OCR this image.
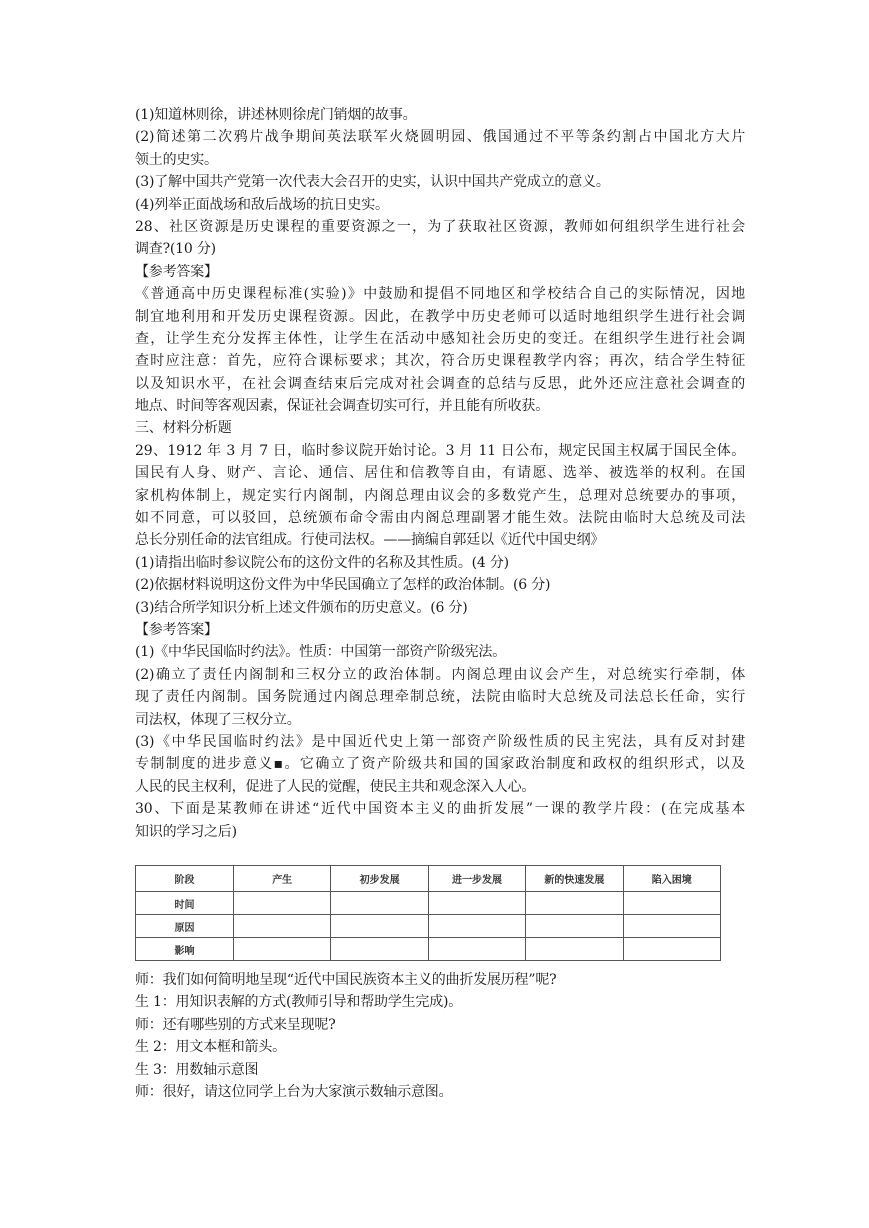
(1)知道林则徐，讲述林则徐虎门销烟的故事。
(2)简述第二次鸦片战争期间英法联军火烧圆明园、俄国通过不平等条约割占中国北方大片
领土的史实。
(3)了解中国共产党第一次代表大会召开的史实，认识中国共产党成立的意义。
(4)列举正面战场和敌后战场的抗日史实。
28、社区资源是历史课程的重要资源之一，为了获取社区资源，教师如何组织学生进行社会
调查?(10 分)
【参考答案】
《普通高中历史课程标准(实验)》中鼓励和提倡不同地区和学校结合自己的实际情况，因地
制宜地利用和开发历史课程资源。因此，在教学中历史老师可以适时地组织学生进行社会调
查，让学生充分发挥主体性，让学生在活动中感知社会历史的变迁。在组织学生进行社会调
查时应注意：首先，应符合课标要求；其次，符合历史课程教学内容；再次，结合学生特征
以及知识水平，在社会调查结束后完成对社会调查的总结与反思，此外还应注意社会调查的
地点、时间等客观因素，保证社会调查切实可行，并且能有所收获。
三、材料分析题
29、1912 年 3 月 7 日，临时参议院开始讨论。3 月 11 日公布，规定民国主权属于国民全体。
国民有人身、财产、言论、通信、居住和信教等自由，有请愿、选举、被选举的权利。在国
家机构体制上，规定实行内阁制，内阁总理由议会的多数党产生，总理对总统要办的事项，
如不同意，可以驳回，总统颁布命令需由内阁总理副署才能生效。法院由临时大总统及司法
总长分别任命的法官组成。行使司法权。——摘编自郭廷以《近代中国史纲》
(1)请指出临时参议院公布的这份文件的名称及其性质。(4 分)
(2)依据材料说明这份文件为中华民国确立了怎样的政治体制。(6 分)
(3)结合所学知识分析上述文件颁布的历史意义。(6 分)
【参考答案】
(1)《中华民国临时约法》。性质：中国第一部资产阶级宪法。
(2)确立了责任内阁制和三权分立的政治体制。内阁总理由议会产生，对总统实行牵制，体
现了责任内阁制。国务院通过内阁总理牵制总统，法院由临时大总统及司法总长任命，实行
司法权，体现了三权分立。
(3)《中华民国临时约法》是中国近代史上第一部资产阶级性质的民主宪法，具有反对封建
专制制度的进步意义▪。它确立了资产阶级共和国的国家政治制度和政权的组织形式，以及
人民的民主权利，促进了人民的觉醒，使民主共和观念深入人心。
30、下面是某教师在讲述“近代中国资本主义的曲折发展”一课的教学片段：(在完成基本
知识的学习之后)
阶段	产生	初步发展	进一步发展	新的快速发展	陷入困境
时间					
原因					
影响					
师：我们如何简明地呈现“近代中国民族资本主义的曲折发展历程”呢?
生 1：用知识表解的方式(教师引导和帮助学生完成)。
师：还有哪些别的方式来呈现呢?
生 2：用文本框和箭头。
生 3：用数轴示意图
师：很好，请这位同学上台为大家演示数轴示意图。
